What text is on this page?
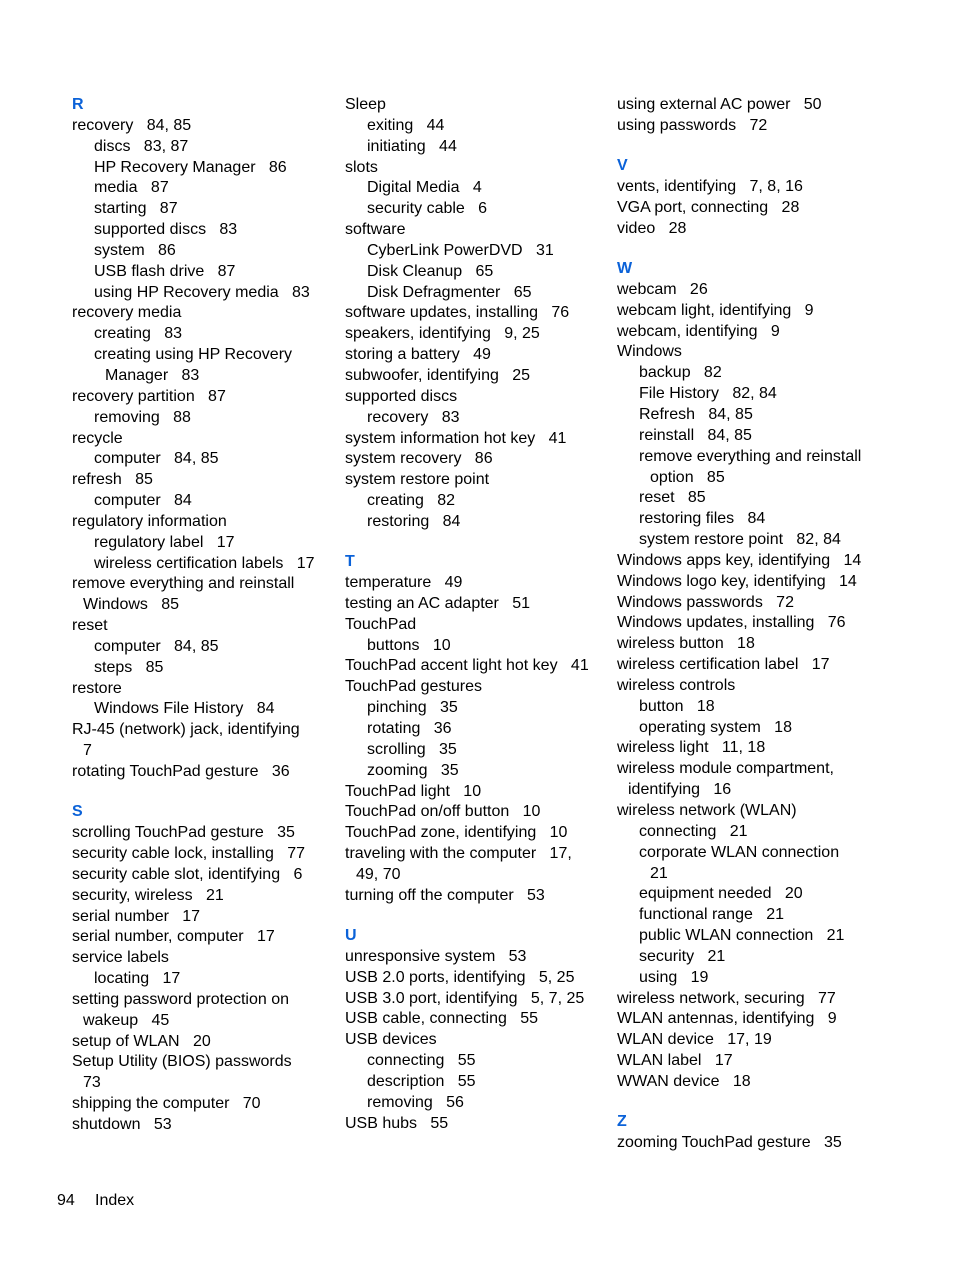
R
recovery   84, 85
discs   83, 87
HP Recovery Manager   86
media   87
starting   87
supported discs   83
system   86
USB flash drive   87
using HP Recovery media   83
recovery media
creating   83
creating using HP Recovery
Manager   83
recovery partition   87
removing   88
recycle
computer   84, 85
refresh   85
computer   84
regulatory information
regulatory label   17
wireless certification labels   17
remove everything and reinstall
Windows   85
reset
computer   84, 85
steps   85
restore
Windows File History   84
RJ-45 (network) jack, identifying
7
rotating TouchPad gesture   36
S
scrolling TouchPad gesture   35
security cable lock, installing   77
security cable slot, identifying   6
security, wireless   21
serial number   17
serial number, computer   17
service labels
locating   17
setting password protection on
wakeup   45
setup of WLAN   20
Setup Utility (BIOS) passwords
73
shipping the computer   70
shutdown   53
Sleep
exiting   44
initiating   44
slots
Digital Media   4
security cable   6
software
CyberLink PowerDVD   31
Disk Cleanup   65
Disk Defragmenter   65
software updates, installing   76
speakers, identifying   9, 25
storing a battery   49
subwoofer, identifying   25
supported discs
recovery   83
system information hot key   41
system recovery   86
system restore point
creating   82
restoring   84
T
temperature   49
testing an AC adapter   51
TouchPad
buttons   10
TouchPad accent light hot key   41
TouchPad gestures
pinching   35
rotating   36
scrolling   35
zooming   35
TouchPad light   10
TouchPad on/off button   10
TouchPad zone, identifying   10
traveling with the computer   17,
49, 70
turning off the computer   53
U
unresponsive system   53
USB 2.0 ports, identifying   5, 25
USB 3.0 port, identifying   5, 7, 25
USB cable, connecting   55
USB devices
connecting   55
description   55
removing   56
USB hubs   55
using external AC power   50
using passwords   72
V
vents, identifying   7, 8, 16
VGA port, connecting   28
video   28
W
webcam   26
webcam light, identifying   9
webcam, identifying   9
Windows
backup   82
File History   82, 84
Refresh   84, 85
reinstall   84, 85
remove everything and reinstall
option   85
reset   85
restoring files   84
system restore point   82, 84
Windows apps key, identifying   14
Windows logo key, identifying   14
Windows passwords   72
Windows updates, installing   76
wireless button   18
wireless certification label   17
wireless controls
button   18
operating system   18
wireless light   11, 18
wireless module compartment,
identifying   16
wireless network (WLAN)
connecting   21
corporate WLAN connection
21
equipment needed   20
functional range   21
public WLAN connection   21
security   21
using   19
wireless network, securing   77
WLAN antennas, identifying   9
WLAN device   17, 19
WLAN label   17
WWAN device   18
Z
zooming TouchPad gesture   35
94 Index
